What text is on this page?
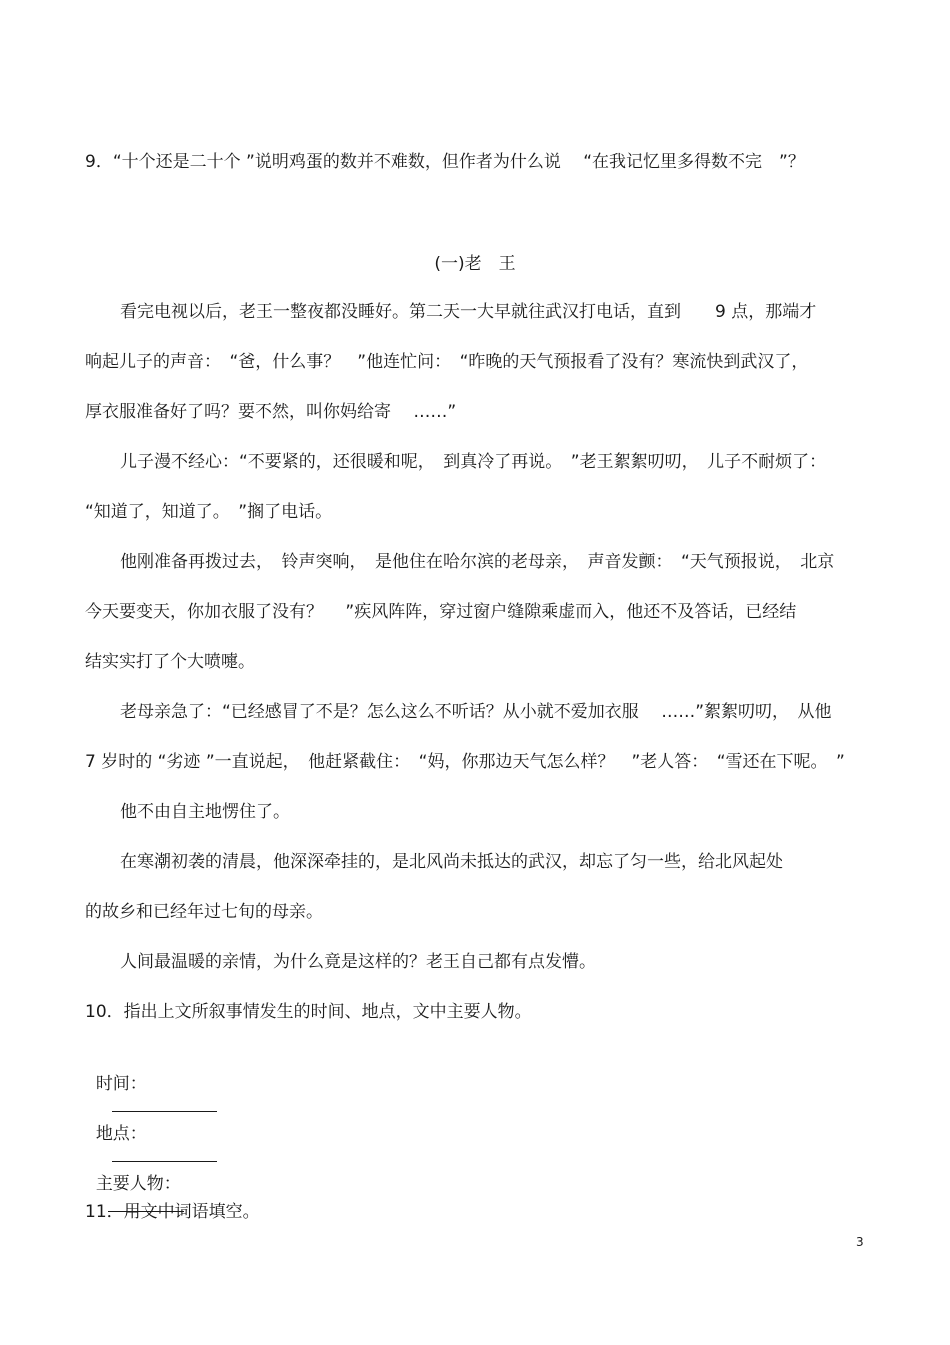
9．“十个还是二十个 ”说明鸡蛋的数并不难数，但作者为什么说　 “在我记忆里多得数不完　”？
(一)老　王
看完电视以后，老王一整夜都没睡好。第二天一大早就往武汉打电话，直到　　9 点，那端才
响起儿子的声音：　“爸，什么事？　”他连忙问：　“昨晚的天气预报看了没有？寒流快到武汉了，
厚衣服准备好了吗？要不然，叫你妈给寄　 ……”
儿子漫不经心：“不要紧的，还很暖和呢，　到真冷了再说。　”老王絮絮叨叨，　儿子不耐烦了：
“知道了，知道了。　”搁了电话。
他刚准备再拨过去，　铃声突响，　是他住在哈尔滨的老母亲，　声音发颤：　“天气预报说，　北京
今天要变天，你加衣服了没有？　 ”疾风阵阵，穿过窗户缝隙乘虚而入，他还不及答话，已经结
结实实打了个大喷嚏。
老母亲急了：“已经感冒了不是？怎么这么不听话？从小就不爱加衣服　 ……”絮絮叨叨，　从他
7 岁时的 “劣迹 ”一直说起，　他赶紧截住：　“妈，你那边天气怎么样？　”老人答：　“雪还在下呢。　”
他不由自主地愣住了。
在寒潮初袭的清晨，他深深牵挂的，是北风尚未抵达的武汉，却忘了匀一些，给北风起处
的故乡和已经年过七旬的母亲。
人间最温暖的亲情，为什么竟是这样的？老王自己都有点发懵。
10．指出上文所叙事情发生的时间、地点，文中主要人物。

时间：

地点：

主要人物：

11．用文中词语填空。
3
